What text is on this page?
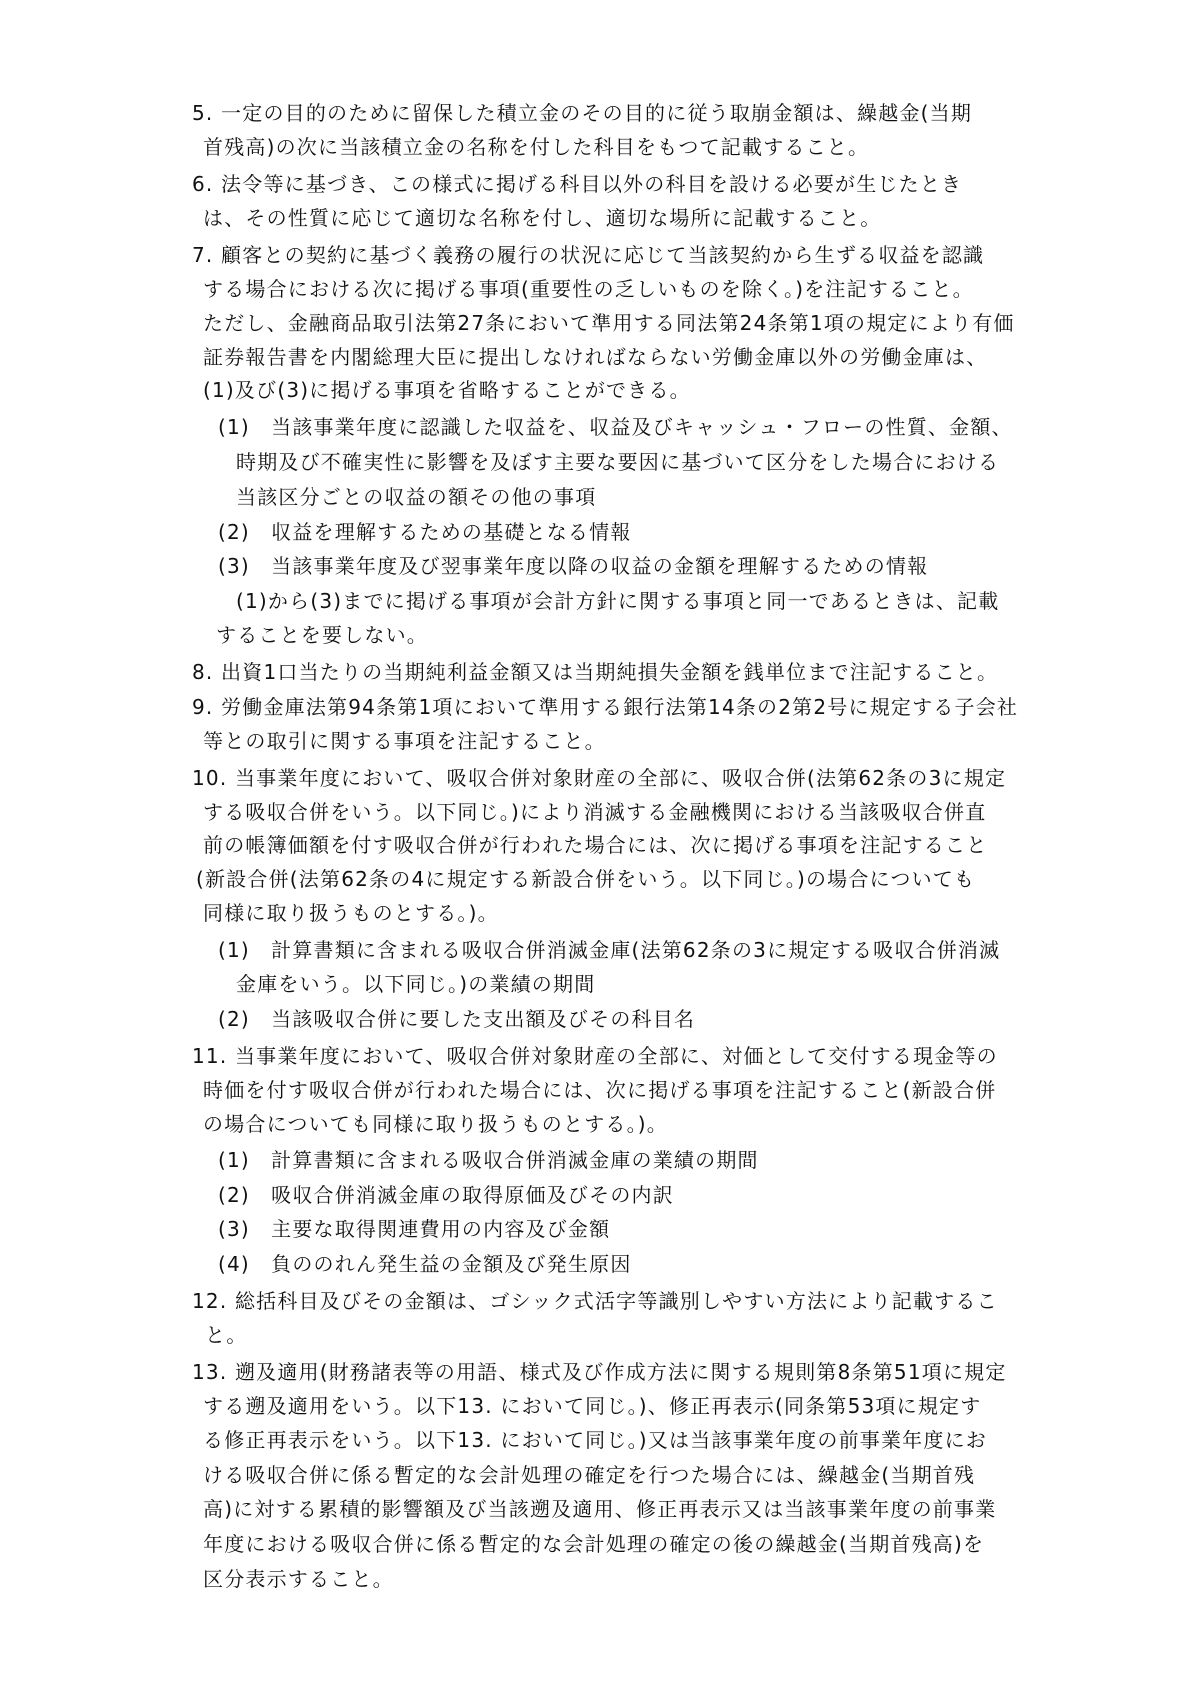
5. 一定の目的のために留保した積立金のその目的に従う取崩金額は、繰越金(当期
首残高)の次に当該積立金の名称を付した科目をもつて記載すること。
6. 法令等に基づき、この様式に掲げる科目以外の科目を設ける必要が生じたとき
は、その性質に応じて適切な名称を付し、適切な場所に記載すること。
7. 顧客との契約に基づく義務の履行の状況に応じて当該契約から生ずる収益を認識
する場合における次に掲げる事項(重要性の乏しいものを除く。)を注記すること。
ただし、金融商品取引法第27条において準用する同法第24条第1項の規定により有価
証券報告書を内閣総理大臣に提出しなければならない労働金庫以外の労働金庫は、
(1)及び(3)に掲げる事項を省略することができる。
(1)　当該事業年度に認識した収益を、収益及びキャッシュ・フローの性質、金額、
時期及び不確実性に影響を及ぼす主要な要因に基づいて区分をした場合における
当該区分ごとの収益の額その他の事項
(2)　収益を理解するための基礎となる情報
(3)　当該事業年度及び翌事業年度以降の収益の金額を理解するための情報
(1)から(3)までに掲げる事項が会計方針に関する事項と同一であるときは、記載
することを要しない。
8. 出資1口当たりの当期純利益金額又は当期純損失金額を銭単位まで注記すること。
9. 労働金庫法第94条第1項において準用する銀行法第14条の2第2号に規定する子会社
等との取引に関する事項を注記すること。
10. 当事業年度において、吸収合併対象財産の全部に、吸収合併(法第62条の3に規定
する吸収合併をいう。以下同じ。)により消滅する金融機関における当該吸収合併直
前の帳簿価額を付す吸収合併が行われた場合には、次に掲げる事項を注記すること
(新設合併(法第62条の4に規定する新設合併をいう。以下同じ。)の場合についても
同様に取り扱うものとする。)。
(1)　計算書類に含まれる吸収合併消滅金庫(法第62条の3に規定する吸収合併消滅
金庫をいう。以下同じ。)の業績の期間
(2)　当該吸収合併に要した支出額及びその科目名
11. 当事業年度において、吸収合併対象財産の全部に、対価として交付する現金等の
時価を付す吸収合併が行われた場合には、次に掲げる事項を注記すること(新設合併
の場合についても同様に取り扱うものとする。)。
(1)　計算書類に含まれる吸収合併消滅金庫の業績の期間
(2)　吸収合併消滅金庫の取得原価及びその内訳
(3)　主要な取得関連費用の内容及び金額
(4)　負ののれん発生益の金額及び発生原因
12. 総括科目及びその金額は、ゴシック式活字等識別しやすい方法により記載するこ
と。
13. 遡及適用(財務諸表等の用語、様式及び作成方法に関する規則第8条第51項に規定
する遡及適用をいう。以下13. において同じ。)、修正再表示(同条第53項に規定す
る修正再表示をいう。以下13. において同じ。)又は当該事業年度の前事業年度にお
ける吸収合併に係る暫定的な会計処理の確定を行つた場合には、繰越金(当期首残
高)に対する累積的影響額及び当該遡及適用、修正再表示又は当該事業年度の前事業
年度における吸収合併に係る暫定的な会計処理の確定の後の繰越金(当期首残高)を
区分表示すること。
